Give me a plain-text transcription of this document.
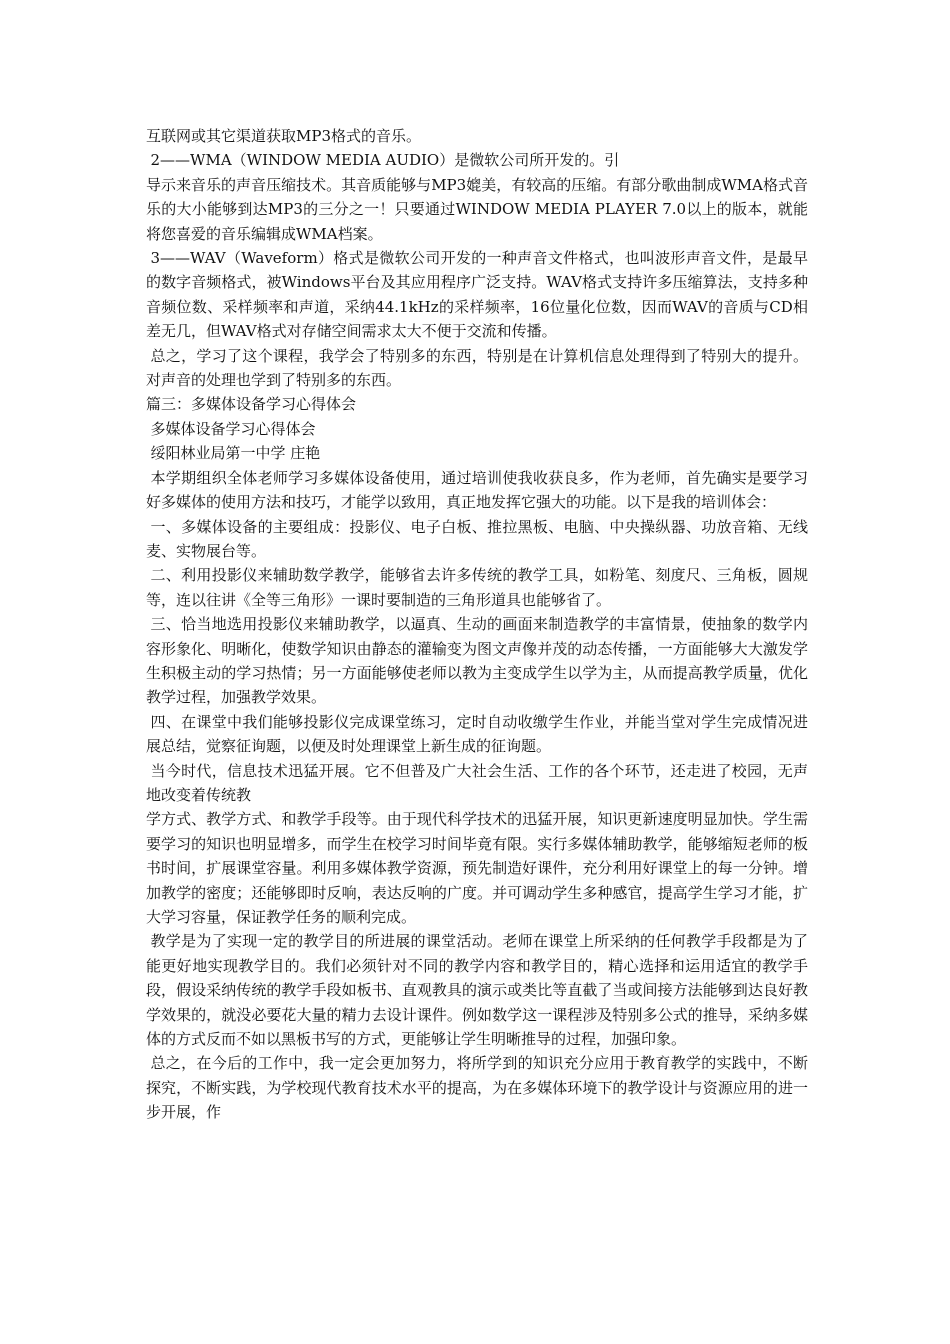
互联网或其它渠道获取MP3格式的音乐。

2——WMA（WINDOW MEDIA AUDIO）是微软公司所开发的。引

导示来音乐的声音压缩技术。其音质能够与MP3媲美，有较高的压缩。有部分歌曲制成WMA格式音乐的大小能够到达MP3的三分之一！只要通过WINDOW MEDIA PLAYER 7.0以上的版本，就能将您喜爱的音乐编辑成WMA档案。

3——WAV（Waveform）格式是微软公司开发的一种声音文件格式，也叫波形声音文件，是最早的数字音频格式，被Windows平台及其应用程序广泛支持。WAV格式支持许多压缩算法，支持多种音频位数、采样频率和声道，采纳44.1kHz的采样频率，16位量化位数，因而WAV的音质与CD相差无几，但WAV格式对存储空间需求太大不便于交流和传播。

总之，学习了这个课程，我学会了特别多的东西，特别是在计算机信息处理得到了特别大的提升。对声音的处理也学到了特别多的东西。

篇三：多媒体设备学习心得体会

多媒体设备学习心得体会

绥阳林业局第一中学 庄艳

本学期组织全体老师学习多媒体设备使用，通过培训使我收获良多，作为老师，首先确实是要学习好多媒体的使用方法和技巧，才能学以致用，真正地发挥它强大的功能。以下是我的培训体会：

一、多媒体设备的主要组成：投影仪、电子白板、推拉黑板、电脑、中央操纵器、功放音箱、无线麦、实物展台等。

二、利用投影仪来辅助数学教学，能够省去许多传统的教学工具，如粉笔、刻度尺、三角板，圆规等，连以往讲《全等三角形》一课时要制造的三角形道具也能够省了。

三、恰当地选用投影仪来辅助教学，以逼真、生动的画面来制造教学的丰富情景，使抽象的数学内容形象化、明晰化，使数学知识由静态的灌输变为图文声像并茂的动态传播，一方面能够大大激发学生积极主动的学习热情；另一方面能够使老师以教为主变成学生以学为主，从而提高教学质量，优化教学过程，加强教学效果。

四、在课堂中我们能够投影仪完成课堂练习，定时自动收缴学生作业，并能当堂对学生完成情况进展总结，觉察征询题，以便及时处理课堂上新生成的征询题。

当今时代，信息技术迅猛开展。它不但普及广大社会生活、工作的各个环节，还走进了校园，无声地改变着传统教

学方式、教学方式、和教学手段等。由于现代科学技术的迅猛开展，知识更新速度明显加快。学生需要学习的知识也明显增多，而学生在校学习时间毕竟有限。实行多媒体辅助教学，能够缩短老师的板书时间，扩展课堂容量。利用多媒体教学资源，预先制造好课件，充分利用好课堂上的每一分钟。增加教学的密度；还能够即时反响，表达反响的广度。并可调动学生多种感官，提高学生学习才能，扩大学习容量，保证教学任务的顺利完成。

教学是为了实现一定的教学目的所进展的课堂活动。老师在课堂上所采纳的任何教学手段都是为了能更好地实现教学目的。我们必须针对不同的教学内容和教学目的，精心选择和运用适宜的教学手段，假设采纳传统的教学手段如板书、直观教具的演示或类比等直截了当或间接方法能够到达良好教学效果的，就没必要花大量的精力去设计课件。例如数学这一课程涉及特别多公式的推导，采纳多媒体的方式反而不如以黑板书写的方式，更能够让学生明晰推导的过程，加强印象。

总之，在今后的工作中，我一定会更加努力，将所学到的知识充分应用于教育教学的实践中，不断探究，不断实践，为学校现代教育技术水平的提高，为在多媒体环境下的教学设计与资源应用的进一步开展，作
